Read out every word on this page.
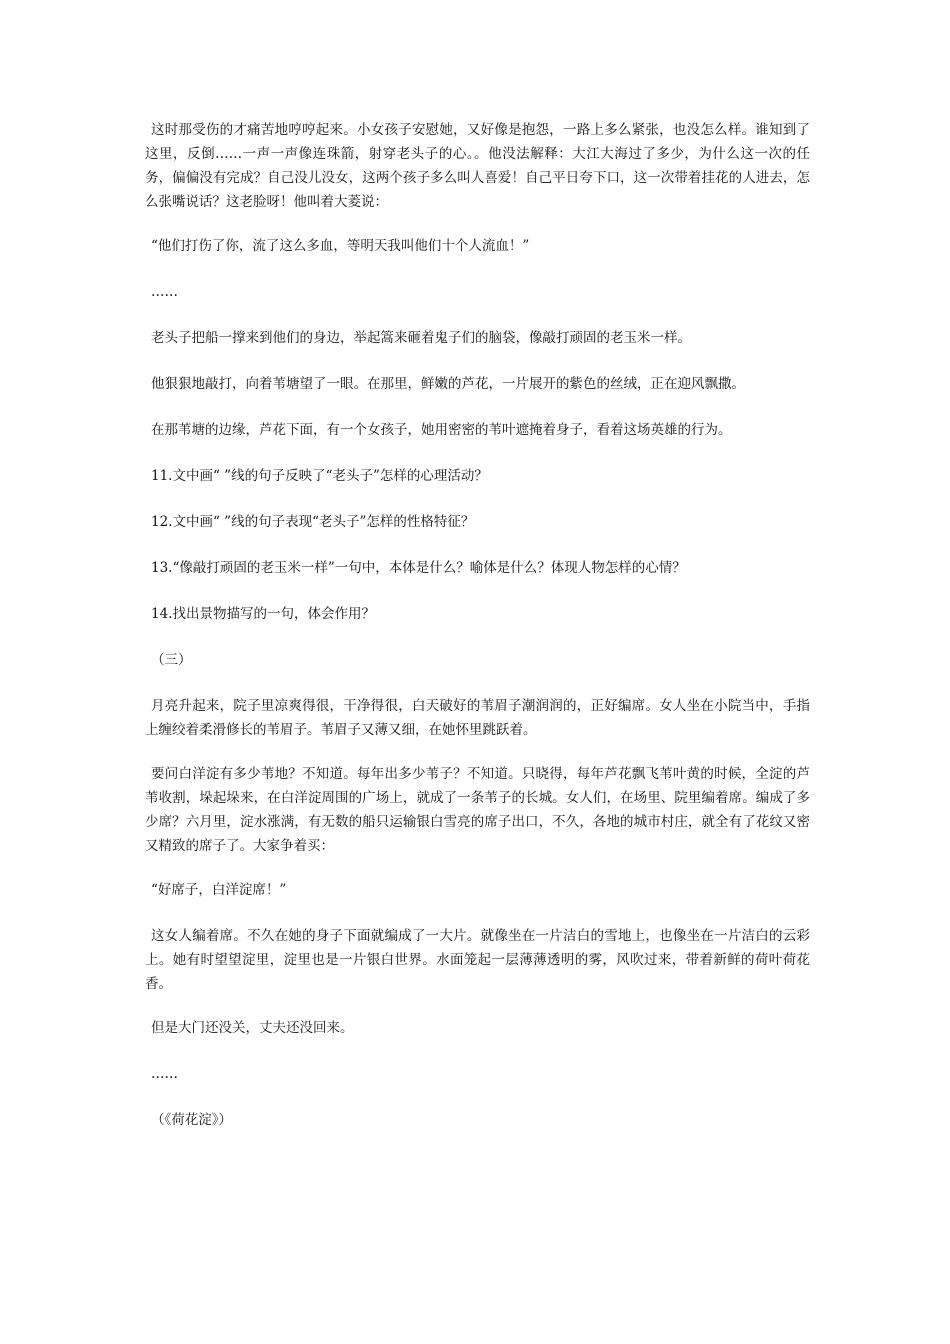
这时那受伤的才痛苦地哼哼起来。小女孩子安慰她，又好像是抱怨，一路上多么紧张，也没怎么样。谁知到了这里，反倒……一声一声像连珠箭，射穿老头子的心。。他没法解释：大江大海过了多少，为什么这一次的任务，偏偏没有完成？自己没儿没女，这两个孩子多么叫人喜爱！自己平日夸下口，这一次带着挂花的人进去，怎么张嘴说话？这老脸呀！他叫着大菱说：

“他们打伤了你，流了这么多血，等明天我叫他们十个人流血！”

……

老头子把船一撑来到他们的身边，举起篙来砸着鬼子们的脑袋，像敲打顽固的老玉米一样。

他狠狠地敲打，向着苇塘望了一眼。在那里，鲜嫩的芦花，一片展开的紫色的丝绒，正在迎风飘撒。

在那苇塘的边缘，芦花下面，有一个女孩子，她用密密的苇叶遮掩着身子，看着这场英雄的行为。

11.文中画“ ”线的句子反映了“老头子”怎样的心理活动？

12.文中画“ ”线的句子表现“老头子”怎样的性格特征？

13.“像敲打顽固的老玉米一样”一句中，本体是什么？喻体是什么？体现人物怎样的心情？

14.找出景物描写的一句，体会作用？

（三）

月亮升起来，院子里凉爽得很，干净得很，白天破好的苇眉子潮润润的，正好编席。女人坐在小院当中，手指上缠绞着柔滑修长的苇眉子。苇眉子又薄又细，在她怀里跳跃着。

要问白洋淀有多少苇地？不知道。每年出多少苇子？不知道。只晓得，每年芦花飘飞苇叶黄的时候，全淀的芦苇收割，垛起垛来，在白洋淀周围的广场上，就成了一条苇子的长城。女人们，在场里、院里编着席。编成了多少席？六月里，淀水涨满，有无数的船只运输银白雪亮的席子出口，不久，各地的城市村庄，就全有了花纹又密又精致的席子了。大家争着买：

“好席子，白洋淀席！”

这女人编着席。不久在她的身子下面就编成了一大片。就像坐在一片洁白的雪地上，也像坐在一片洁白的云彩上。她有时望望淀里，淀里也是一片银白世界。水面笼起一层薄薄透明的雾，风吹过来，带着新鲜的荷叶荷花香。

但是大门还没关，丈夫还没回来。

……

（《荷花淀》）
